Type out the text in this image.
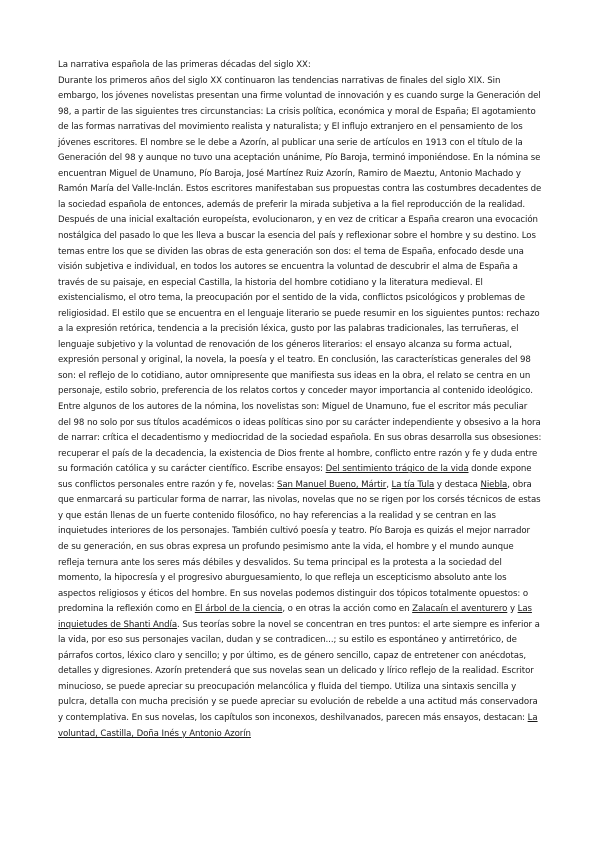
La narrativa española de las primeras décadas del siglo XX:

Durante los primeros años del siglo XX continuaron las tendencias narrativas de finales del siglo XIX. Sin embargo, los jóvenes novelistas presentan una firme voluntad de innovación y es cuando surge la Generación del 98, a partir de las siguientes tres circunstancias: La crisis política, económica y moral de España; El agotamiento de las formas narrativas del movimiento realista y naturalista; y El influjo extranjero en el pensamiento de los jóvenes escritores. El nombre se le debe a Azorín, al publicar una serie de artículos en 1913 con el título de la Generación del 98 y aunque no tuvo una aceptación unánime, Pío Baroja, terminó imponiéndose. En la nómina se encuentran Miguel de Unamuno, Pío Baroja, José Martínez Ruiz Azorín, Ramiro de Maeztu, Antonio Machado y Ramón María del Valle-Inclán. Estos escritores manifestaban sus propuestas contra las costumbres decadentes de la sociedad española de entonces, además de preferir la mirada subjetiva a la fiel reproducción de la realidad. Después de una inicial exaltación europeísta, evolucionaron, y en vez de criticar a España crearon una evocación nostálgica del pasado lo que les lleva a buscar la esencia del país y reflexionar sobre el hombre y su destino. Los temas entre los que se dividen las obras de esta generación son dos: el tema de España, enfocado desde una visión subjetiva e individual, en todos los autores se encuentra la voluntad de descubrir el alma de España a través de su paisaje, en especial Castilla, la historia del hombre cotidiano y la literatura medieval. El existencialismo, el otro tema, la preocupación por el sentido de la vida, conflictos psicológicos y problemas de religiosidad. El estilo que se encuentra en el lenguaje literario se puede resumir en los siguientes puntos: rechazo a la expresión retórica, tendencia a la precisión léxica, gusto por las palabras tradicionales, las terruñeras, el lenguaje subjetivo y la voluntad de renovación de los géneros literarios: el ensayo alcanza su forma actual, expresión personal y original, la novela, la poesía y el teatro. En conclusión, las características generales del 98 son: el reflejo de lo cotidiano, autor omnipresente que manifiesta sus ideas en la obra, el relato se centra en un personaje, estilo sobrio, preferencia de los relatos cortos y conceder mayor importancia al contenido ideológico. Entre algunos de los autores de la nómina, los novelistas son: Miguel de Unamuno, fue el escritor más peculiar del 98 no solo por sus títulos académicos o ideas políticas sino por su carácter independiente y obsesivo a la hora de narrar: crítica el decadentismo y mediocridad de la sociedad española. En sus obras desarrolla sus obsesiones: recuperar el país de la decadencia, la existencia de Dios frente al hombre, conflicto entre razón y fe y duda entre su formación católica y su carácter científico. Escribe ensayos: Del sentimiento trágico de la vida donde expone sus conflictos personales entre razón y fe, novelas: San Manuel Bueno, Mártir, La tía Tula y destaca Niebla, obra que enmarcará su particular forma de narrar, las nivolas, novelas que no se rigen por los corsés técnicos de estas y que están llenas de un fuerte contenido filosófico, no hay referencias a la realidad y se centran en las inquietudes interiores de los personajes. También cultivó poesía y teatro. Pío Baroja es quizás el mejor narrador de su generación, en sus obras expresa un profundo pesimismo ante la vida, el hombre y el mundo aunque refleja ternura ante los seres más débiles y desvalidos. Su tema principal es la protesta a la sociedad del momento, la hipocresía y el progresivo aburguesamiento, lo que refleja un escepticismo absoluto ante los aspectos religiosos y éticos del hombre. En sus novelas podemos distinguir dos tópicos totalmente opuestos: o predomina la reflexión como en El árbol de la ciencia, o en otras la acción como en Zalacaín el aventurero y Las inquietudes de Shanti Andía. Sus teorías sobre la novel se concentran en tres puntos: el arte siempre es inferior a la vida, por eso sus personajes vacilan, dudan y se contradicen...; su estilo es espontáneo y antirretórico, de párrafos cortos, léxico claro y sencillo; y por último, es de género sencillo, capaz de entretener con anécdotas, detalles y digresiones. Azorín pretenderá que sus novelas sean un delicado y lírico reflejo de la realidad. Escritor minucioso, se puede apreciar su preocupación melancólica y fluida del tiempo. Utiliza una sintaxis sencilla y pulcra, detalla con mucha precisión y se puede apreciar su evolución de rebelde a una actitud más conservadora y contemplativa. En sus novelas, los capítulos son inconexos, deshilvanados, parecen más ensayos, destacan: La voluntad, Castilla, Doña Inés y Antonio Azorín
